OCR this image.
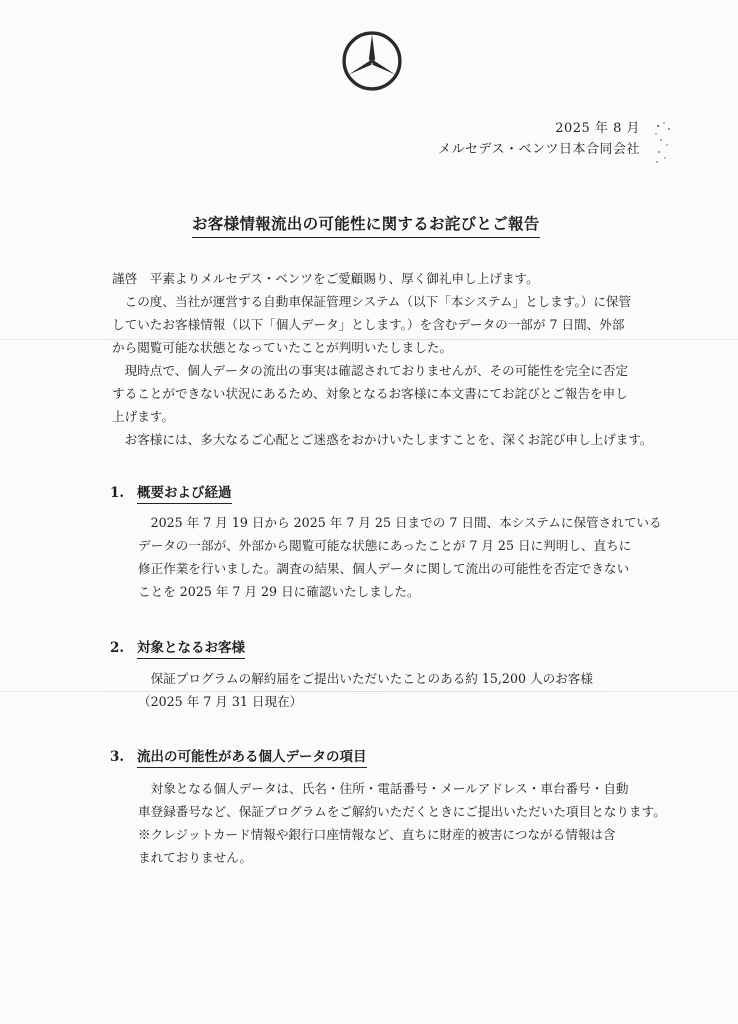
2025 年 8 月
メルセデス・ベンツ日本合同会社
お客様情報流出の可能性に関するお詫びとご報告

謹啓　平素よりメルセデス・ベンツをご愛顧賜り、厚く御礼申し上げます。

この度、当社が運営する自動車保証管理システム（以下「本システム」とします。）に保管

していたお客様情報（以下「個人データ」とします。）を含むデータの一部が 7 日間、外部

から閲覧可能な状態となっていたことが判明いたしました。

現時点で、個人データの流出の事実は確認されておりませんが、その可能性を完全に否定

することができない状況にあるため、対象となるお客様に本文書にてお詫びとご報告を申し

上げます。

お客様には、多大なるご心配とご迷惑をおかけいたしますことを、深くお詫び申し上げます。

1. 概要および経過

2025 年 7 月 19 日から 2025 年 7 月 25 日までの 7 日間、本システムに保管されている

データの一部が、外部から閲覧可能な状態にあったことが 7 月 25 日に判明し、直ちに

修正作業を行いました。調査の結果、個人データに関して流出の可能性を否定できない

ことを 2025 年 7 月 29 日に確認いたしました。

2. 対象となるお客様

保証プログラムの解約届をご提出いただいたことのある約 15,200 人のお客様

（2025 年 7 月 31 日現在）

3. 流出の可能性がある個人データの項目

対象となる個人データは、氏名・住所・電話番号・メールアドレス・車台番号・自動

車登録番号など、保証プログラムをご解約いただくときにご提出いただいた項目となります。

※クレジットカード情報や銀行口座情報など、直ちに財産的被害につながる情報は含

まれておりません。
